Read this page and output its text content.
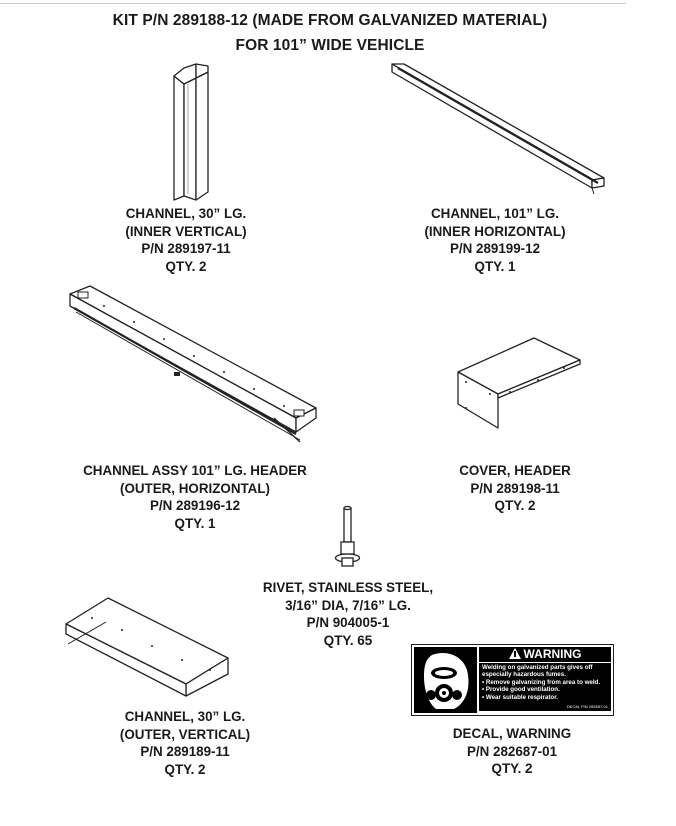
KIT P/N 289188-12 (MADE FROM GALVANIZED MATERIAL)
FOR 101” WIDE VEHICLE
CHANNEL, 30” LG.
(INNER VERTICAL)
P/N 289197-11
QTY. 2
CHANNEL, 101” LG.
(INNER HORIZONTAL)
P/N 289199-12
QTY. 1
CHANNEL ASSY 101” LG. HEADER
(OUTER, HORIZONTAL)
P/N 289196-12
QTY. 1
COVER, HEADER
P/N 289198-11
QTY. 2
RIVET, STAINLESS STEEL,
3/16” DIA, 7/16” LG.
P/N 904005-1
QTY. 65
CHANNEL, 30” LG.
(OUTER, VERTICAL)
P/N 289189-11
QTY. 2
DECAL, WARNING
P/N 282687-01
QTY. 2
WARNING
Welding on galvanized parts gives off
especially hazardous fumes.
• Remove galvanizing from area to weld.
• Provide good ventilation.
• Wear suitable respirator.
DECAL P/N 282687-01
